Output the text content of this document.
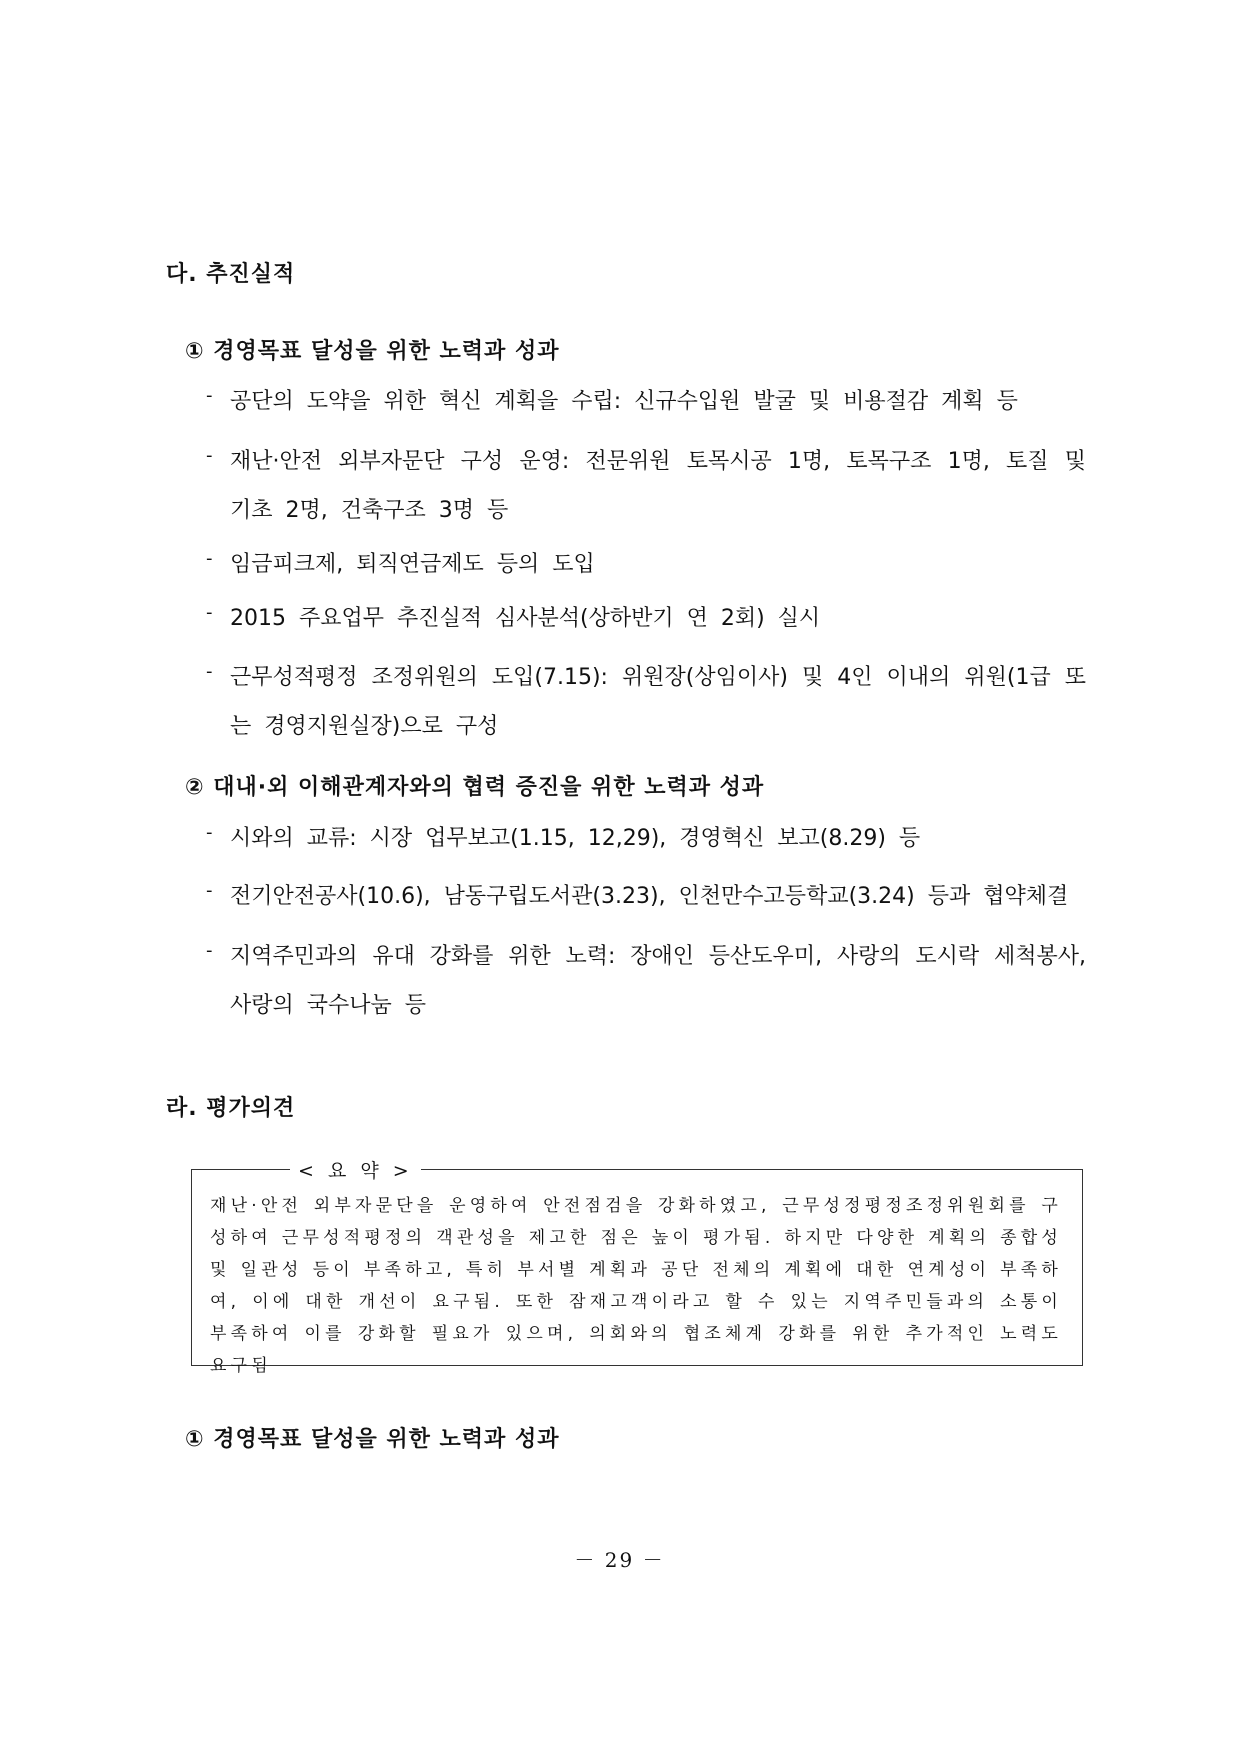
다. 추진실적
① 경영목표 달성을 위한 노력과 성과
- 공단의 도약을 위한 혁신 계획을 수립: 신규수입원 발굴 및 비용절감 계획 등
- 재난·안전 외부자문단 구성 운영: 전문위원 토목시공 1명, 토목구조 1명, 토질 및 기초 2명, 건축구조 3명 등
- 임금피크제, 퇴직연금제도 등의 도입
- 2015 주요업무 추진실적 심사분석(상하반기 연 2회) 실시
- 근무성적평정 조정위원의 도입(7.15): 위원장(상임이사) 및 4인 이내의 위원(1급 또는 경영지원실장)으로 구성
② 대내·외 이해관계자와의 협력 증진을 위한 노력과 성과
- 시와의 교류: 시장 업무보고(1.15, 12,29), 경영혁신 보고(8.29) 등
- 전기안전공사(10.6), 남동구립도서관(3.23), 인천만수고등학교(3.24) 등과 협약체결
- 지역주민과의 유대 강화를 위한 노력: 장애인 등산도우미, 사랑의 도시락 세척봉사, 사랑의 국수나눔 등
라. 평가의견
< 요 약 >

재난·안전 외부자문단을 운영하여 안전점검을 강화하였고, 근무성정평정조정위원회를 구성하여 근무성적평정의 객관성을 제고한 점은 높이 평가됨. 하지만 다양한 계획의 종합성 및 일관성 등이 부족하고, 특히 부서별 계획과 공단 전체의 계획에 대한 연계성이 부족하여, 이에 대한 개선이 요구됨. 또한 잠재고객이라고 할 수 있는 지역주민들과의 소통이 부족하여 이를 강화할 필요가 있으며, 의회와의 협조체계 강화를 위한 추가적인 노력도 요구됨

① 경영목표 달성을 위한 노력과 성과
－ 29 －
